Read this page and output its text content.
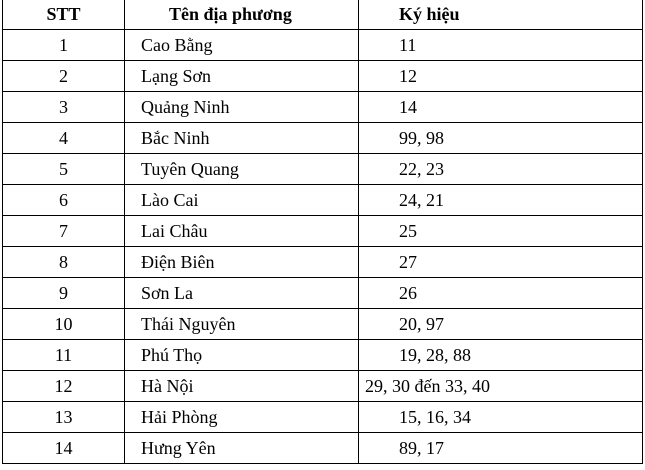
STT	Tên địa phương	Ký hiệu
1	Cao Bằng	11
2	Lạng Sơn	12
3	Quảng Ninh	14
4	Bắc Ninh	99, 98
5	Tuyên Quang	22, 23
6	Lào Cai	24, 21
7	Lai Châu	25
8	Điện Biên	27
9	Sơn La	26
10	Thái Nguyên	20, 97
11	Phú Thọ	19, 28, 88
12	Hà Nội	29, 30 đến 33, 40
13	Hải Phòng	15, 16, 34
14	Hưng Yên	89, 17
